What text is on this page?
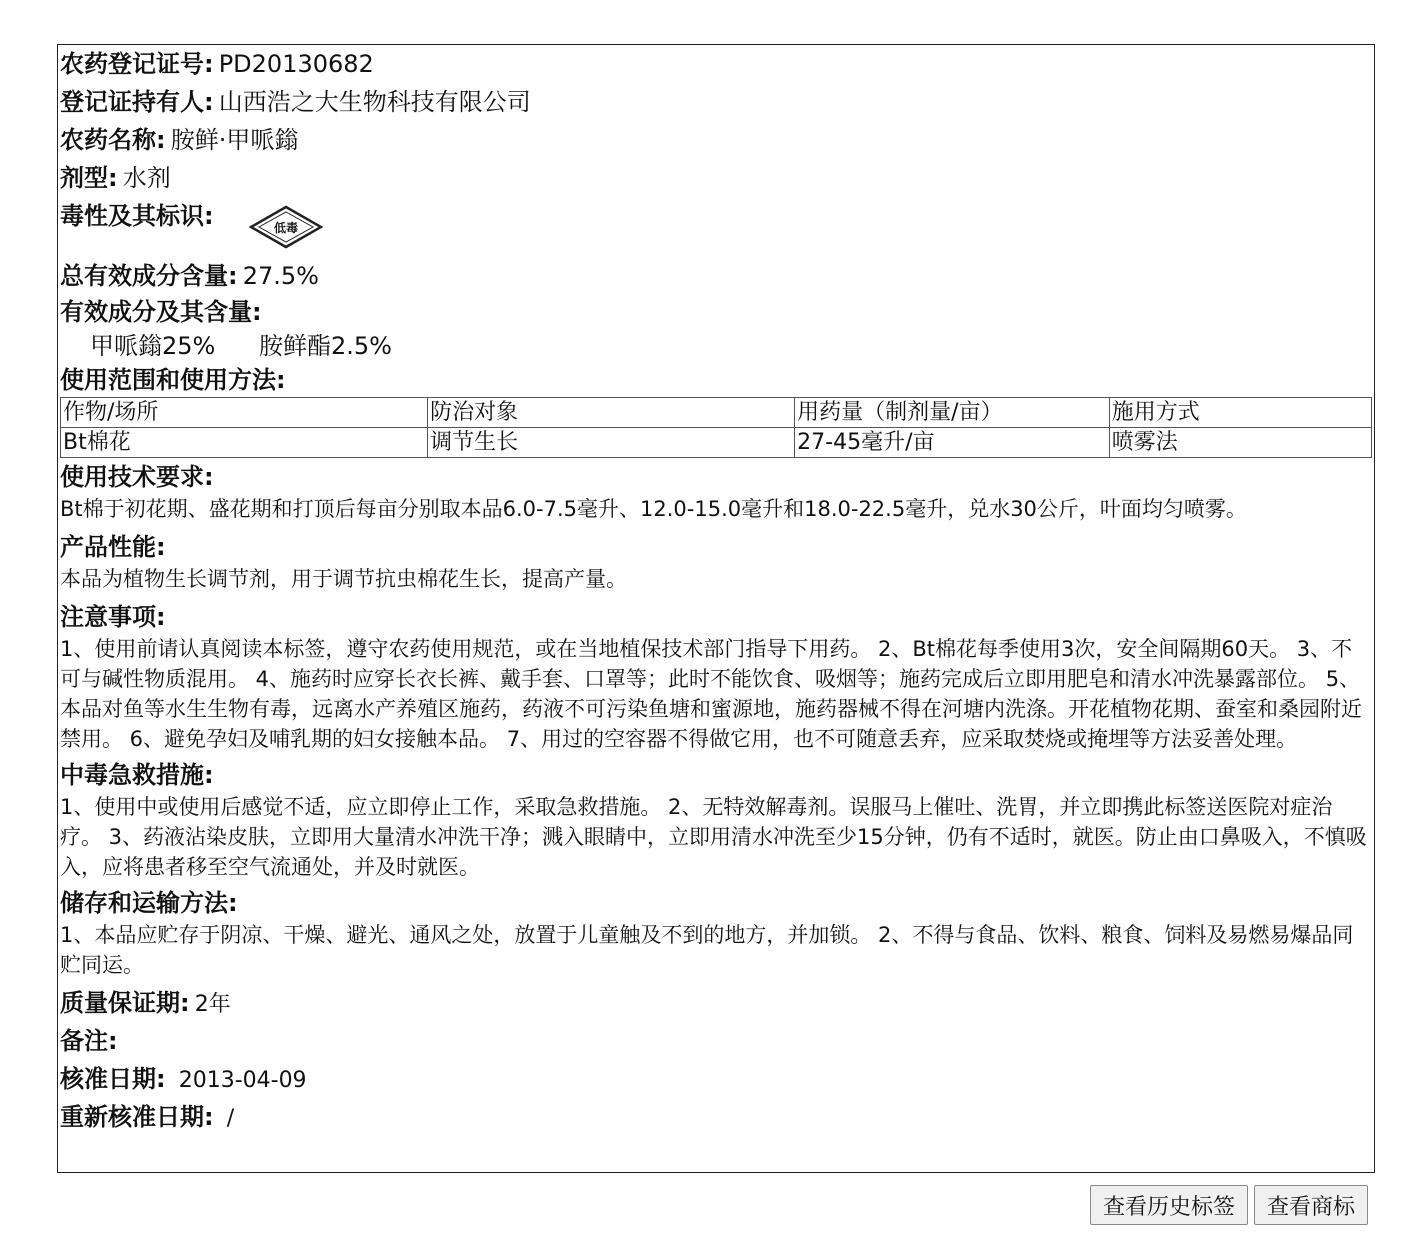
农药登记证号: PD20130682
登记证持有人: 山西浩之大生物科技有限公司
农药名称: 胺鲜·甲哌鎓
剂型: 水剂
毒性及其标识:	低毒
总有效成分含量: 27.5%
有效成分及其含量:
甲哌鎓25% 胺鲜酯2.5%
使用范围和使用方法:
作物/场所	防治对象	用药量（制剂量/亩）	施用方式
Bt棉花	调节生长	27-45毫升/亩	喷雾法
使用技术要求:
Bt棉于初花期、盛花期和打顶后每亩分别取本品6.0-7.5毫升、12.0-15.0毫升和18.0-22.5毫升，兑水30公斤，叶面均匀喷雾。
产品性能:
本品为植物生长调节剂，用于调节抗虫棉花生长，提高产量。
注意事项:
1、使用前请认真阅读本标签，遵守农药使用规范，或在当地植保技术部门指导下用药。 2、Bt棉花每季使用3次，安全间隔期60天。 3、不可与碱性物质混用。 4、施药时应穿长衣长裤、戴手套、口罩等；此时不能饮食、吸烟等；施药完成后立即用肥皂和清水冲洗暴露部位。 5、本品对鱼等水生生物有毒，远离水产养殖区施药，药液不可污染鱼塘和蜜源地，施药器械不得在河塘内洗涤。开花植物花期、蚕室和桑园附近禁用。 6、避免孕妇及哺乳期的妇女接触本品。 7、用过的空容器不得做它用，也不可随意丢弃，应采取焚烧或掩埋等方法妥善处理。
中毒急救措施:
1、使用中或使用后感觉不适，应立即停止工作，采取急救措施。 2、无特效解毒剂。误服马上催吐、洗胃，并立即携此标签送医院对症治疗。 3、药液沾染皮肤，立即用大量清水冲洗干净；溅入眼睛中，立即用清水冲洗至少15分钟，仍有不适时，就医。防止由口鼻吸入，不慎吸入，应将患者移至空气流通处，并及时就医。
储存和运输方法:
1、本品应贮存于阴凉、干燥、避光、通风之处，放置于儿童触及不到的地方，并加锁。 2、不得与食品、饮料、粮食、饲料及易燃易爆品同贮同运。
质量保证期: 2年
备注:
核准日期: 2013-04-09
重新核准日期: /
查看历史标签	查看商标
